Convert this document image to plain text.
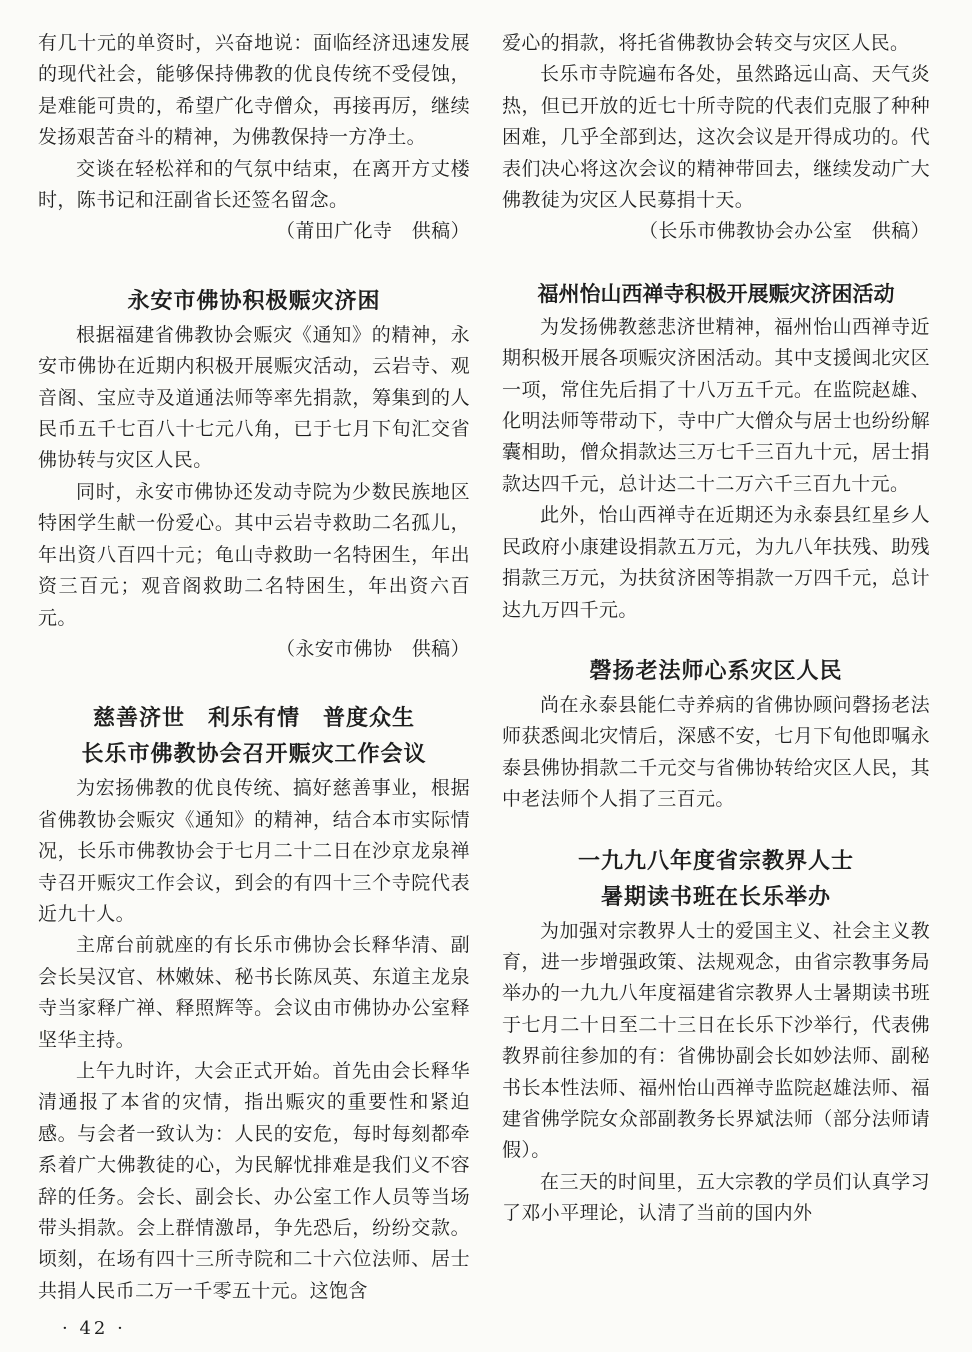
有几十元的单资时，兴奋地说：面临经济迅速发展的现代社会，能够保持佛教的优良传统不受侵蚀，是难能可贵的，希望广化寺僧众，再接再厉，继续发扬艰苦奋斗的精神，为佛教保持一方净土。

交谈在轻松祥和的气氛中结束，在离开方丈楼时，陈书记和汪副省长还签名留念。

（莆田广化寺　供稿）

永安市佛协积极赈灾济困

根据福建省佛教协会赈灾《通知》的精神，永安市佛协在近期内积极开展赈灾活动，云岩寺、观音阁、宝应寺及道通法师等率先捐款，筹集到的人民币五千七百八十七元八角，已于七月下旬汇交省佛协转与灾区人民。

同时，永安市佛协还发动寺院为少数民族地区特困学生献一份爱心。其中云岩寺救助二名孤儿，年出资八百四十元；龟山寺救助一名特困生，年出资三百元；观音阁救助二名特困生，年出资六百元。

（永安市佛协　供稿）

慈善济世　利乐有情　普度众生
长乐市佛教协会召开赈灾工作会议

为宏扬佛教的优良传统、搞好慈善事业，根据省佛教协会赈灾《通知》的精神，结合本市实际情况，长乐市佛教协会于七月二十二日在沙京龙泉禅寺召开赈灾工作会议，到会的有四十三个寺院代表近九十人。

主席台前就座的有长乐市佛协会长释华清、副会长吴汉官、林嫩妹、秘书长陈凤英、东道主龙泉寺当家释广禅、释照辉等。会议由市佛协办公室释坚华主持。

上午九时许，大会正式开始。首先由会长释华清通报了本省的灾情，指出赈灾的重要性和紧迫感。与会者一致认为：人民的安危，每时每刻都牵系着广大佛教徒的心，为民解忧排难是我们义不容辞的任务。会长、副会长、办公室工作人员等当场带头捐款。会上群情激昂，争先恐后，纷纷交款。顷刻，在场有四十三所寺院和二十六位法师、居士共捐人民币二万一千零五十元。这饱含

爱心的捐款，将托省佛教协会转交与灾区人民。

长乐市寺院遍布各处，虽然路远山高、天气炎热，但已开放的近七十所寺院的代表们克服了种种困难，几乎全部到达，这次会议是开得成功的。代表们决心将这次会议的精神带回去，继续发动广大佛教徒为灾区人民募捐十天。

（长乐市佛教协会办公室　供稿）

福州怡山西禅寺积极开展赈灾济困活动

为发扬佛教慈悲济世精神，福州怡山西禅寺近期积极开展各项赈灾济困活动。其中支援闽北灾区一项，常住先后捐了十八万五千元。在监院赵雄、化明法师等带动下，寺中广大僧众与居士也纷纷解囊相助，僧众捐款达三万七千三百九十元，居士捐款达四千元，总计达二十二万六千三百九十元。

此外，怡山西禅寺在近期还为永泰县红星乡人民政府小康建设捐款五万元，为九八年扶残、助残捐款三万元，为扶贫济困等捐款一万四千元，总计达九万四千元。

磬扬老法师心系灾区人民

尚在永泰县能仁寺养病的省佛协顾问磬扬老法师获悉闽北灾情后，深感不安，七月下旬他即嘱永泰县佛协捐款二千元交与省佛协转给灾区人民，其中老法师个人捐了三百元。

一九九八年度省宗教界人士
暑期读书班在长乐举办

为加强对宗教界人士的爱国主义、社会主义教育，进一步增强政策、法规观念，由省宗教事务局举办的一九九八年度福建省宗教界人士暑期读书班于七月二十日至二十三日在长乐下沙举行，代表佛教界前往参加的有：省佛协副会长如妙法师、副秘书长本性法师、福州怡山西禅寺监院赵雄法师、福建省佛学院女众部副教务长界斌法师（部分法师请假）。

在三天的时间里，五大宗教的学员们认真学习了邓小平理论，认清了当前的国内外

· 42 ·
